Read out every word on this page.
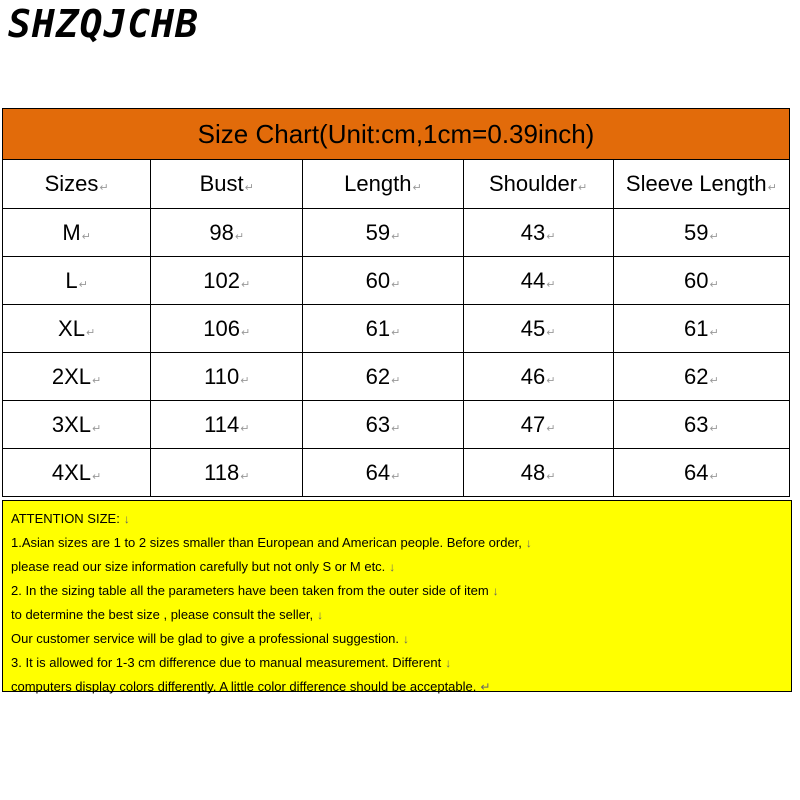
SHZQJCHB
Size Chart(Unit:cm,1cm=0.39inch)				
Sizes↵	Bust↵	Length↵	Shoulder↵	Sleeve Length↵
M↵	98↵	59↵	43↵	59↵
L↵	102↵	60↵	44↵	60↵
XL↵	106↵	61↵	45↵	61↵
2XL↵	110↵	62↵	46↵	62↵
3XL↵	114↵	63↵	47↵	63↵
4XL↵	118↵	64↵	48↵	64↵
ATTENTION SIZE: ↓
1.Asian sizes are 1 to 2 sizes smaller than European and American people. Before order, ↓
please read our size information carefully but not only S or M etc. ↓
2. In the sizing table all the parameters have been taken from the outer side of item ↓
to determine the best size , please consult the seller, ↓
Our customer service will be glad to give a professional suggestion. ↓
3. It is allowed for 1-3 cm difference due to manual measurement. Different ↓
computers display colors differently. A little color difference should be acceptable. ↵
